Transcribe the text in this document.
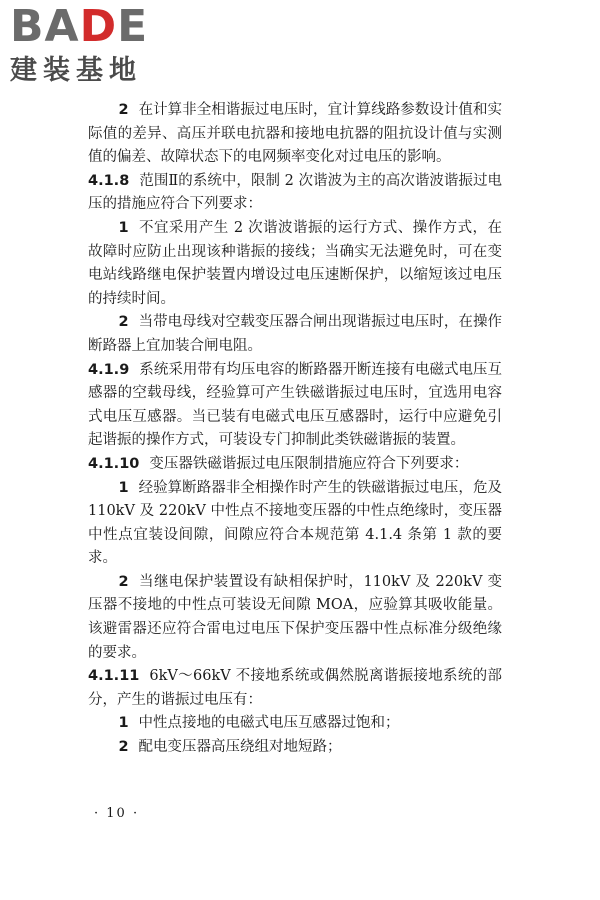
BADE
建装基地

2 在计算非全相谐振过电压时，宜计算线路参数设计值和实际值的差异、高压并联电抗器和接地电抗器的阻抗设计值与实测值的偏差、故障状态下的电网频率变化对过电压的影响。

4.1.8 范围Ⅱ的系统中，限制 2 次谐波为主的高次谐波谐振过电压的措施应符合下列要求：

1 不宜采用产生 2 次谐波谐振的运行方式、操作方式，在故障时应防止出现该种谐振的接线；当确实无法避免时，可在变电站线路继电保护装置内增设过电压速断保护，以缩短该过电压的持续时间。

2 当带电母线对空载变压器合闸出现谐振过电压时，在操作断路器上宜加装合闸电阻。

4.1.9 系统采用带有均压电容的断路器开断连接有电磁式电压互感器的空载母线，经验算可产生铁磁谐振过电压时，宜选用电容式电压互感器。当已装有电磁式电压互感器时，运行中应避免引起谐振的操作方式，可装设专门抑制此类铁磁谐振的装置。

4.1.10 变压器铁磁谐振过电压限制措施应符合下列要求：

1 经验算断路器非全相操作时产生的铁磁谐振过电压，危及 110kV 及 220kV 中性点不接地变压器的中性点绝缘时，变压器中性点宜装设间隙，间隙应符合本规范第 4.1.4 条第 1 款的要求。

2 当继电保护装置设有缺相保护时，110kV 及 220kV 变压器不接地的中性点可装设无间隙 MOA，应验算其吸收能量。该避雷器还应符合雷电过电压下保护变压器中性点标准分级绝缘的要求。

4.1.11 6kV～66kV 不接地系统或偶然脱离谐振接地系统的部分，产生的谐振过电压有：

1 中性点接地的电磁式电压互感器过饱和；

2 配电变压器高压绕组对地短路；

· 10 ·
